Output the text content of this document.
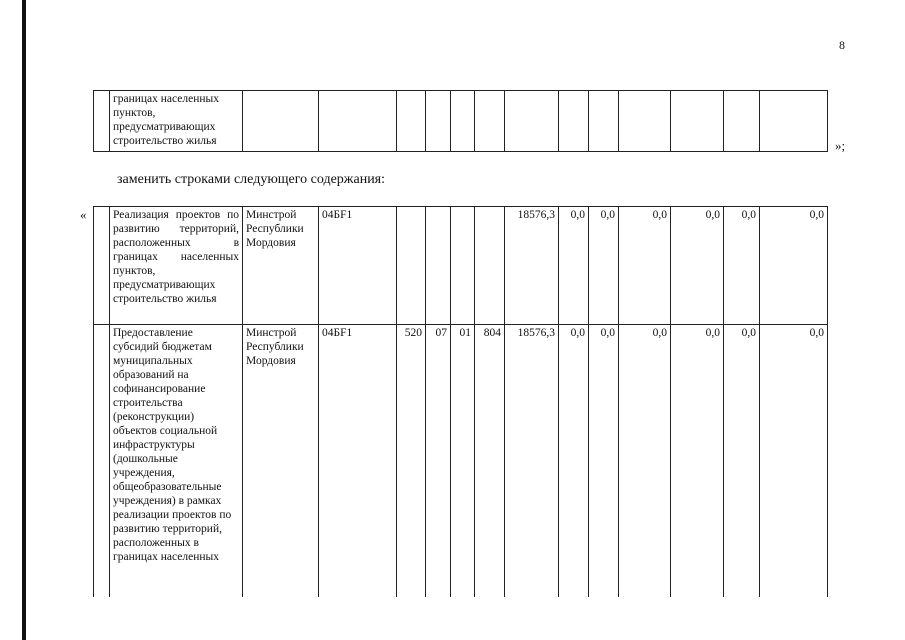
8
	границах населенных пунктов, предусматривающих строительство жилья														»;
заменить строками следующего содержания:
«
	Реализация проектов по развитию территорий, расположенных в границах населенных пунктов, предусматривающих строительство жилья	Минстрой Республики Мордовия	04БF1					18576,3	0,0	0,0	0,0	0,0	0,0	0,0
	Предоставление субсидий бюджетам муниципальных образований на софинансирование строительства (реконструкции) объектов социальной инфраструктуры (дошкольные учреждения, общеобразовательные учреждения) в рамках реализации проектов по развитию территорий, расположенных в границах населенных	Минстрой Республики Мордовия	04БF1	520	07	01	804	18576,3	0,0	0,0	0,0	0,0	0,0	0,0
